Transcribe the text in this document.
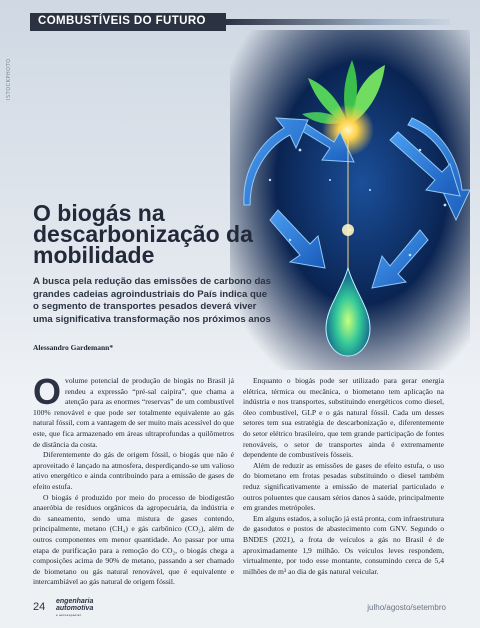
COMBUSTÍVEIS DO FUTURO
ISTOCKPHOTO
O biogás na descarbonização da mobilidade

A busca pela redução das emissões de carbono das grandes cadeias agroindustriais do País indica que o segmento de transportes pesados deverá viver uma significativa transformação nos próximos anos

Alessandro Gardemann*

Ovolume potencial de produção de biogás no Brasil já rendeu a expressão “pré-sal caipira”, que chama a atenção para as enormes “reservas” de um combustível 100% renovável e que pode ser totalmente equivalente ao gás natural fóssil, com a vantagem de ser muito mais acessível do que este, que fica armazenado em áreas ultraprofundas a quilômetros de distância da costa.

Diferentemente do gás de origem fóssil, o biogás que não é aproveitado é lançado na atmosfera, desperdiçando-se um valioso ativo energético e ainda contribuindo para a emissão de gases de efeito estufa.

O biogás é produzido por meio do processo de biodigestão anaeróbia de resíduos orgânicos da agropecuária, da indústria e do saneamento, sendo uma mistura de gases contendo, principalmente, metano (CH₄) e gás carbônico (CO₂), além de outros componentes em menor quantidade. Ao passar por uma etapa de purificação para a remoção do CO₂, o biogás chega a composições acima de 90% de metano, passando a ser chamado de biometano ou gás natural renovável, que é equivalente e intercambiável ao gás natural de origem fóssil.

Enquanto o biogás pode ser utilizado para gerar energia elétrica, térmica ou mecânica, o biometano tem aplicação na indústria e nos transportes, substituindo energéticos como diesel, óleo combustível, GLP e o gás natural fóssil. Cada um desses setores tem sua estratégia de descarbonização e, diferentemente do setor elétrico brasileiro, que tem grande participação de fontes renováveis, o setor de transportes ainda é extremamente dependente de combustíveis fósseis.

Além de reduzir as emissões de gases de efeito estufa, o uso do biometano em frotas pesadas substituindo o diesel também reduz significativamente a emissão de material particulado e outros poluentes que causam sérios danos à saúde, principalmente em grandes metrópoles.

Em alguns estados, a solução já está pronta, com infraestrutura de gasodutos e postos de abastecimento com GNV. Segundo o BNDES (2021), a frota de veículos a gás no Brasil é de aproximadamente 1,9 milhão. Os veículos leves respondem, virtualmente, por todo esse montante, consumindo cerca de 5,4 milhões de m³ ao dia de gás natural veicular.

24 engenharia
automotiva
e aeroespacial
julho/agosto/setembro
